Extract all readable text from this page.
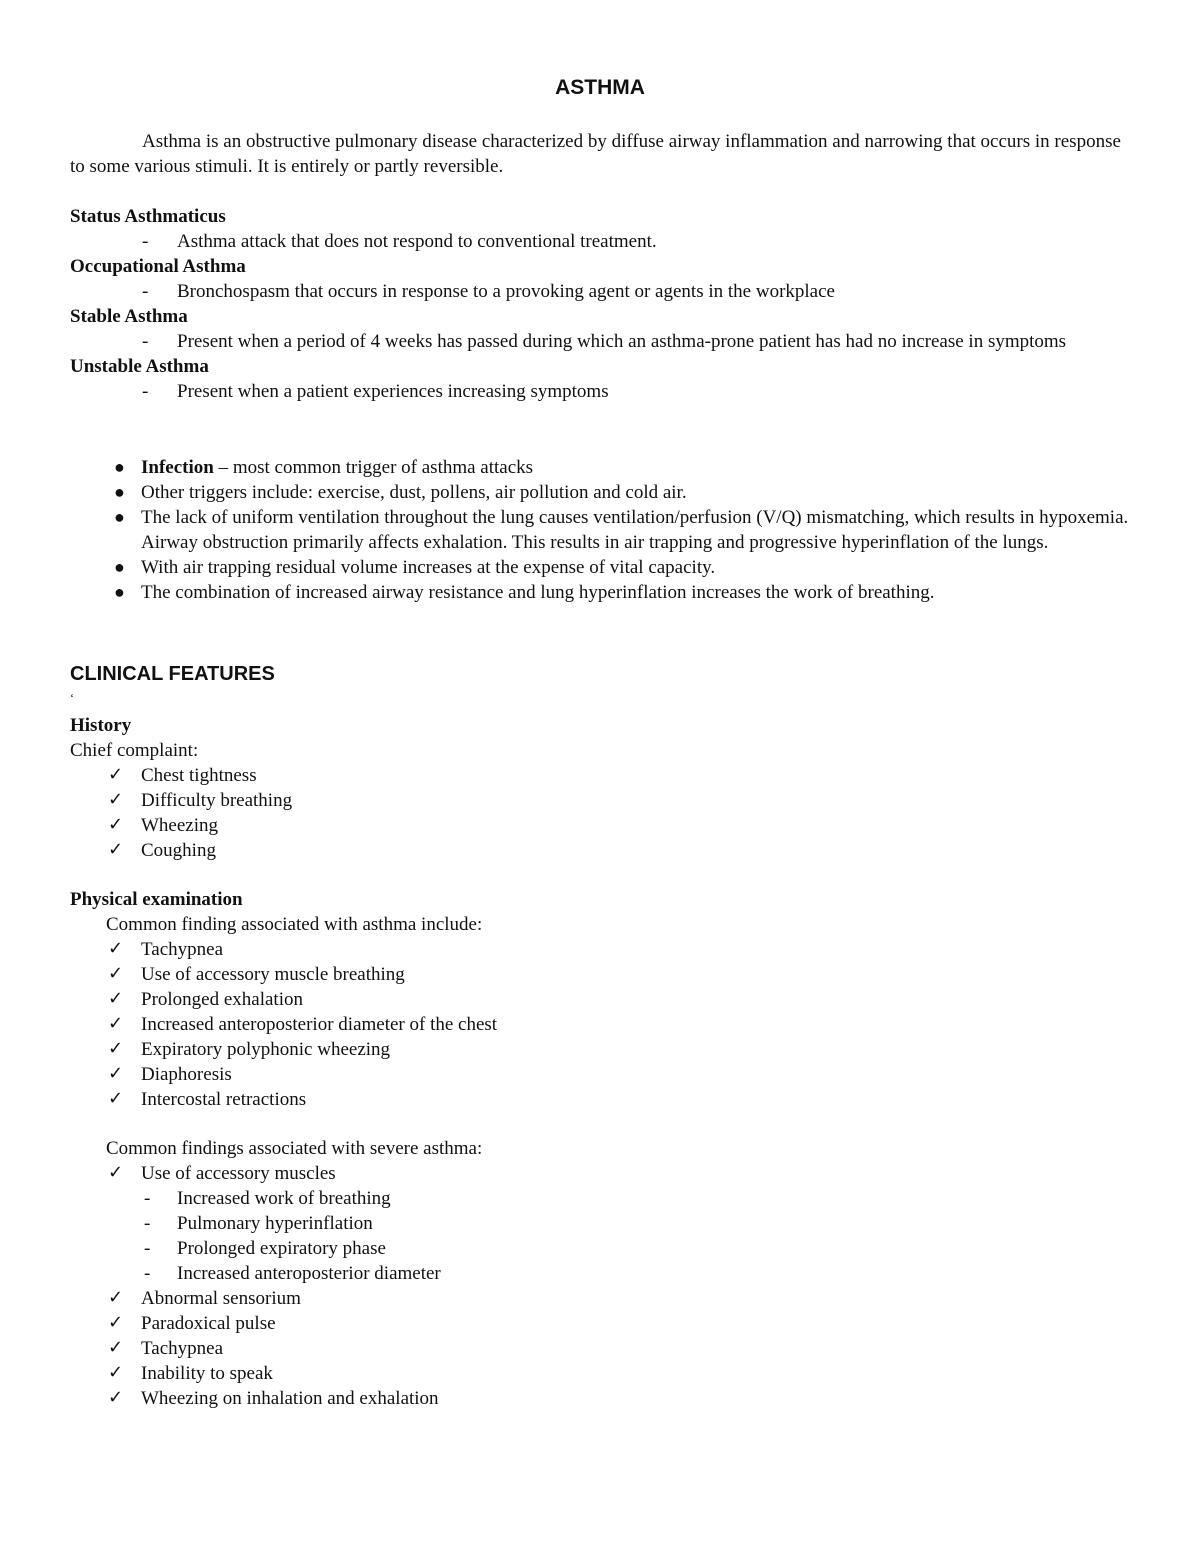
ASTHMA
Asthma is an obstructive pulmonary disease characterized by diffuse airway inflammation and narrowing that occurs in response to some various stimuli. It is entirely or partly reversible.
Status Asthmaticus
- Asthma attack that does not respond to conventional treatment.
Occupational Asthma
- Bronchospasm that occurs in response to a provoking agent or agents in the workplace
Stable Asthma
- Present when a period of 4 weeks has passed during which an asthma-prone patient has had no increase in symptoms
Unstable Asthma
- Present when a patient experiences increasing symptoms
● Infection – most common trigger of asthma attacks
● Other triggers include: exercise, dust, pollens, air pollution and cold air.
● The lack of uniform ventilation throughout the lung causes ventilation/perfusion (V/Q) mismatching, which results in hypoxemia. Airway obstruction primarily affects exhalation. This results in air trapping and progressive hyperinflation of the lungs.
● With air trapping residual volume increases at the expense of vital capacity.
● The combination of increased airway resistance and lung hyperinflation increases the work of breathing.
CLINICAL FEATURES
‘
History
Chief complaint:
✓ Chest tightness
✓ Difficulty breathing
✓ Wheezing
✓ Coughing
Physical examination
Common finding associated with asthma include:
✓ Tachypnea
✓ Use of accessory muscle breathing
✓ Prolonged exhalation
✓ Increased anteroposterior diameter of the chest
✓ Expiratory polyphonic wheezing
✓ Diaphoresis
✓ Intercostal retractions
Common findings associated with severe asthma:
✓ Use of accessory muscles
- Increased work of breathing
- Pulmonary hyperinflation
- Prolonged expiratory phase
- Increased anteroposterior diameter
✓ Abnormal sensorium
✓ Paradoxical pulse
✓ Tachypnea
✓ Inability to speak
✓ Wheezing on inhalation and exhalation
